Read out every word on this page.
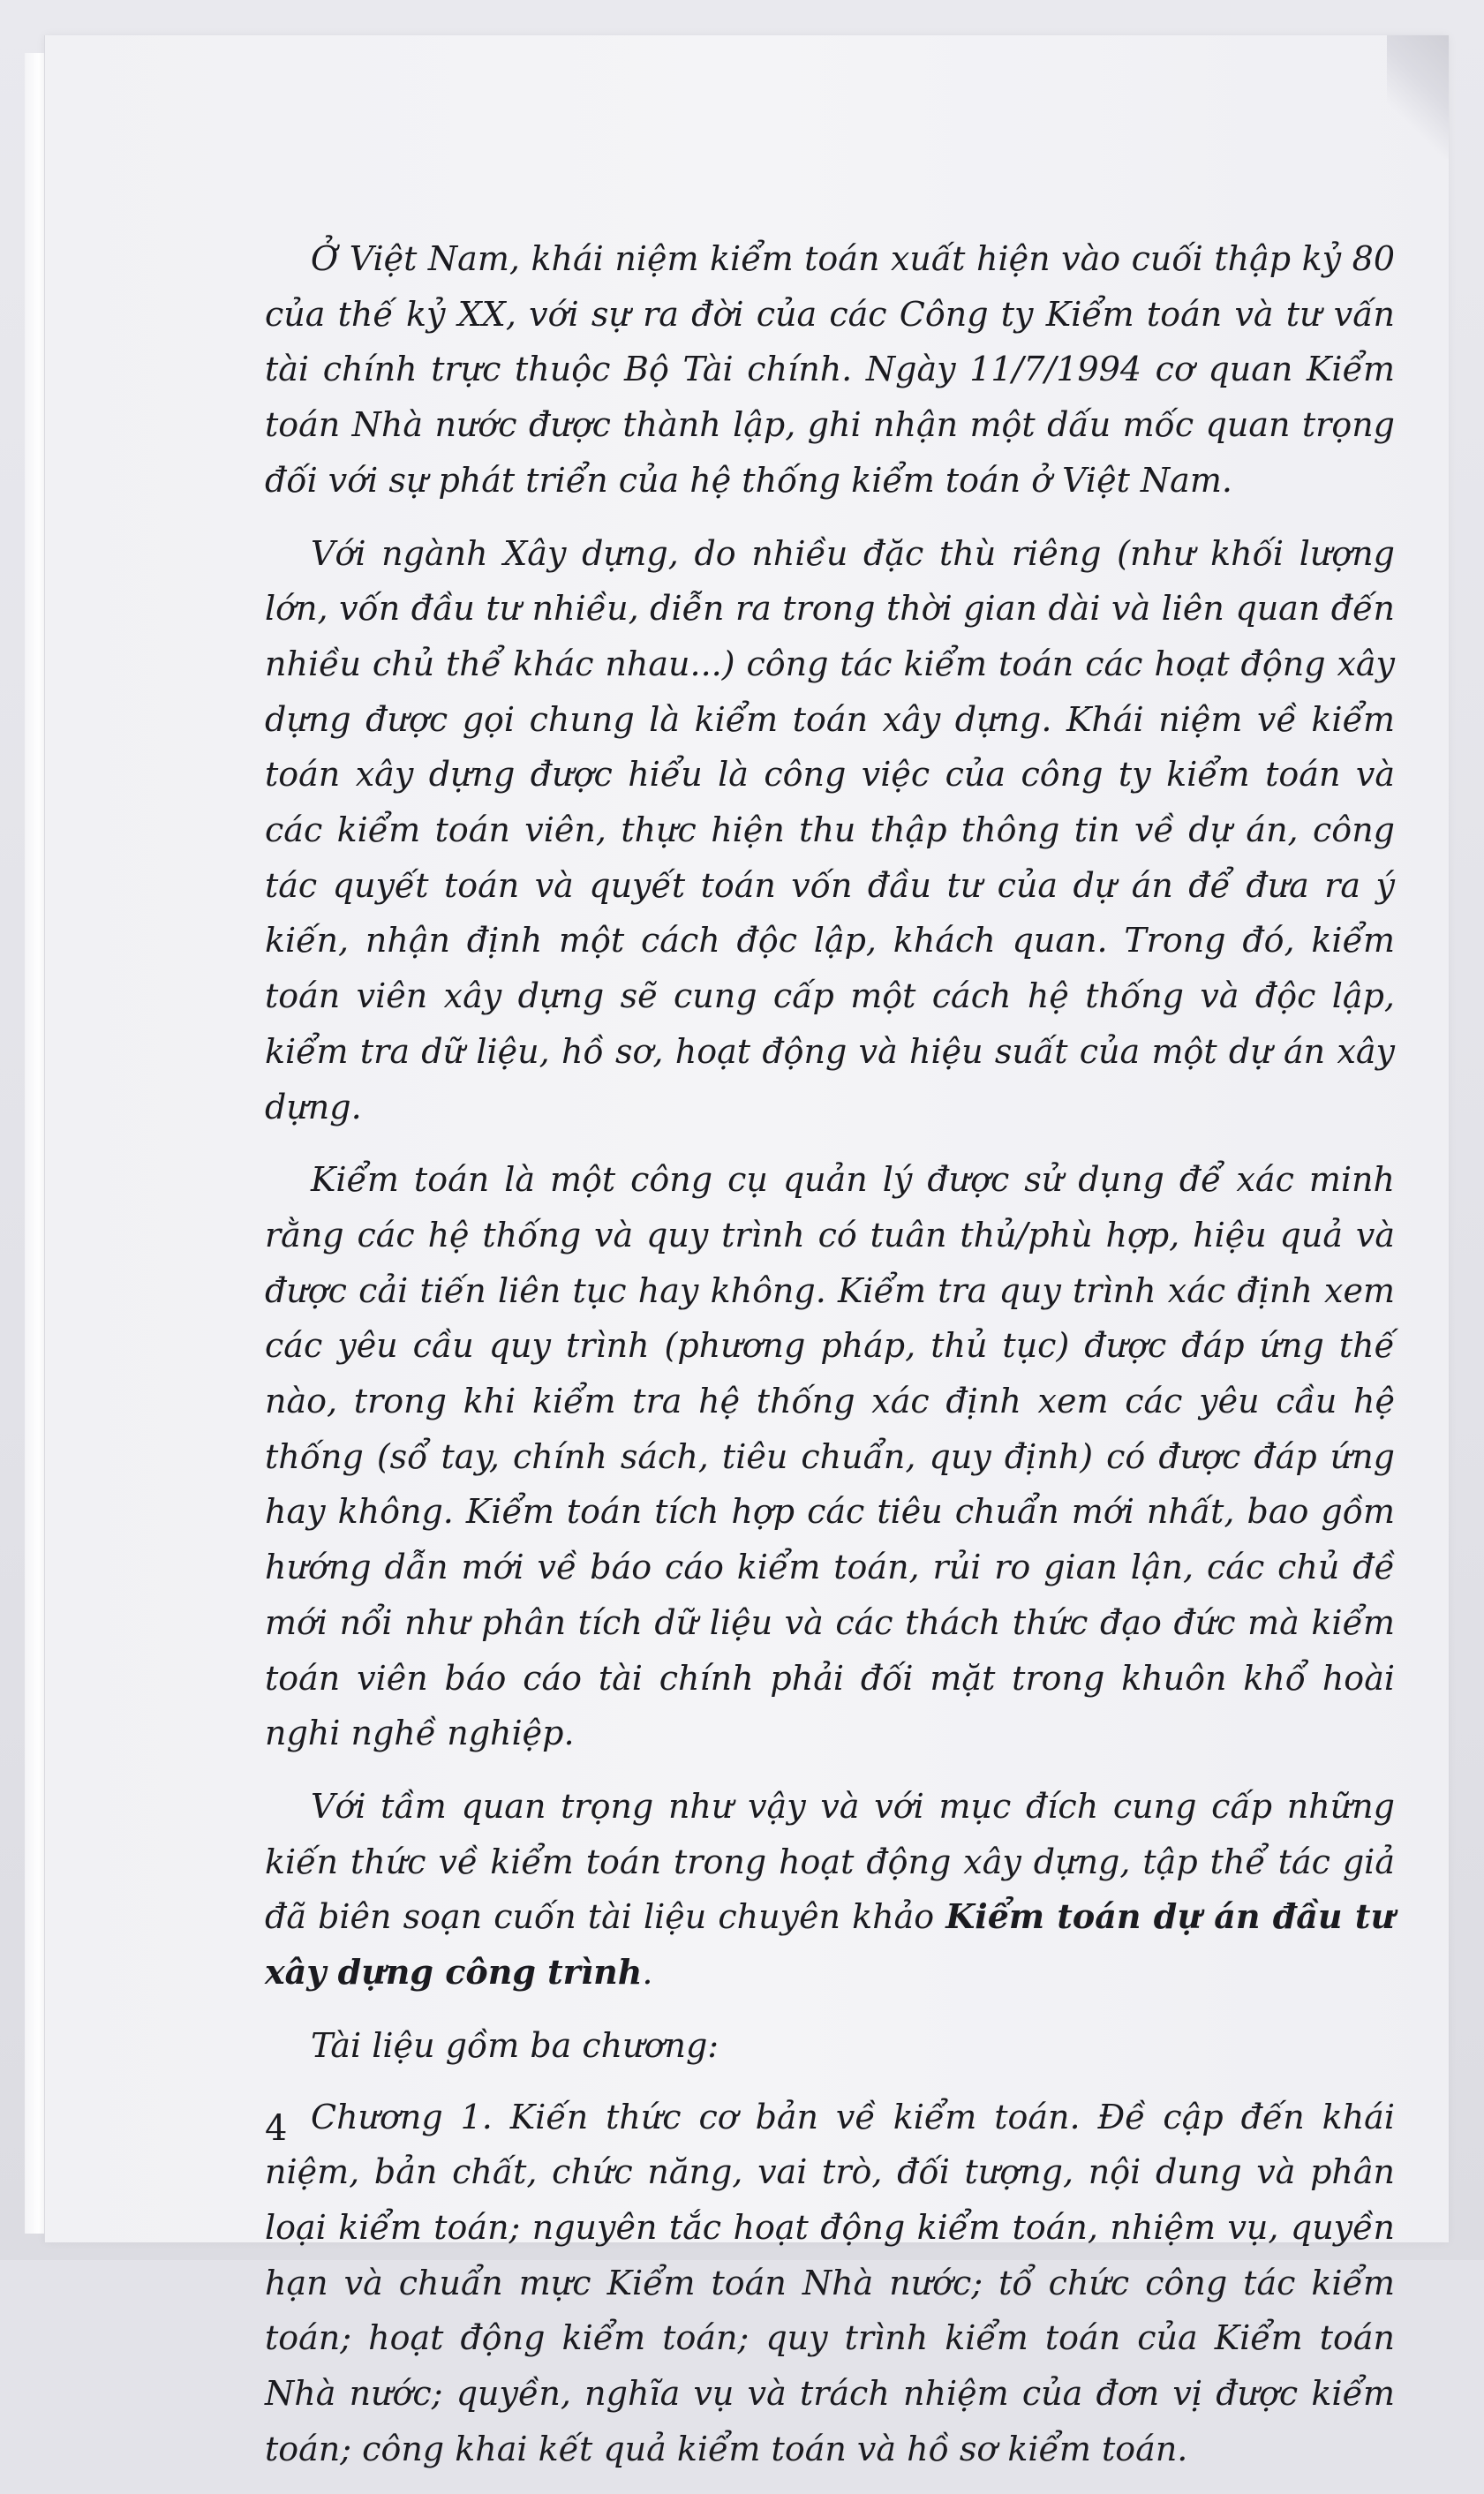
Ở Việt Nam, khái niệm kiểm toán xuất hiện vào cuối thập kỷ 80 của thế kỷ XX, với sự ra đời của các Công ty Kiểm toán và tư vấn tài chính trực thuộc Bộ Tài chính. Ngày 11/7/1994 cơ quan Kiểm toán Nhà nước được thành lập, ghi nhận một dấu mốc quan trọng đối với sự phát triển của hệ thống kiểm toán ở Việt Nam.

Với ngành Xây dựng, do nhiều đặc thù riêng (như khối lượng lớn, vốn đầu tư nhiều, diễn ra trong thời gian dài và liên quan đến nhiều chủ thể khác nhau...) công tác kiểm toán các hoạt động xây dựng được gọi chung là kiểm toán xây dựng. Khái niệm về kiểm toán xây dựng được hiểu là công việc của công ty kiểm toán và các kiểm toán viên, thực hiện thu thập thông tin về dự án, công tác quyết toán và quyết toán vốn đầu tư của dự án để đưa ra ý kiến, nhận định một cách độc lập, khách quan. Trong đó, kiểm toán viên xây dựng sẽ cung cấp một cách hệ thống và độc lập, kiểm tra dữ liệu, hồ sơ, hoạt động và hiệu suất của một dự án xây dựng.

Kiểm toán là một công cụ quản lý được sử dụng để xác minh rằng các hệ thống và quy trình có tuân thủ/phù hợp, hiệu quả và được cải tiến liên tục hay không. Kiểm tra quy trình xác định xem các yêu cầu quy trình (phương pháp, thủ tục) được đáp ứng thế nào, trong khi kiểm tra hệ thống xác định xem các yêu cầu hệ thống (sổ tay, chính sách, tiêu chuẩn, quy định) có được đáp ứng hay không. Kiểm toán tích hợp các tiêu chuẩn mới nhất, bao gồm hướng dẫn mới về báo cáo kiểm toán, rủi ro gian lận, các chủ đề mới nổi như phân tích dữ liệu và các thách thức đạo đức mà kiểm toán viên báo cáo tài chính phải đối mặt trong khuôn khổ hoài nghi nghề nghiệp.

Với tầm quan trọng như vậy và với mục đích cung cấp những kiến thức về kiểm toán trong hoạt động xây dựng, tập thể tác giả đã biên soạn cuốn tài liệu chuyên khảo Kiểm toán dự án đầu tư xây dựng công trình.

Tài liệu gồm ba chương:

Chương 1. Kiến thức cơ bản về kiểm toán. Đề cập đến khái niệm, bản chất, chức năng, vai trò, đối tượng, nội dung và phân loại kiểm toán; nguyên tắc hoạt động kiểm toán, nhiệm vụ, quyền hạn và chuẩn mực Kiểm toán Nhà nước; tổ chức công tác kiểm toán; hoạt động kiểm toán; quy trình kiểm toán của Kiểm toán Nhà nước; quyền, nghĩa vụ và trách nhiệm của đơn vị được kiểm toán; công khai kết quả kiểm toán và hồ sơ kiểm toán.

4
